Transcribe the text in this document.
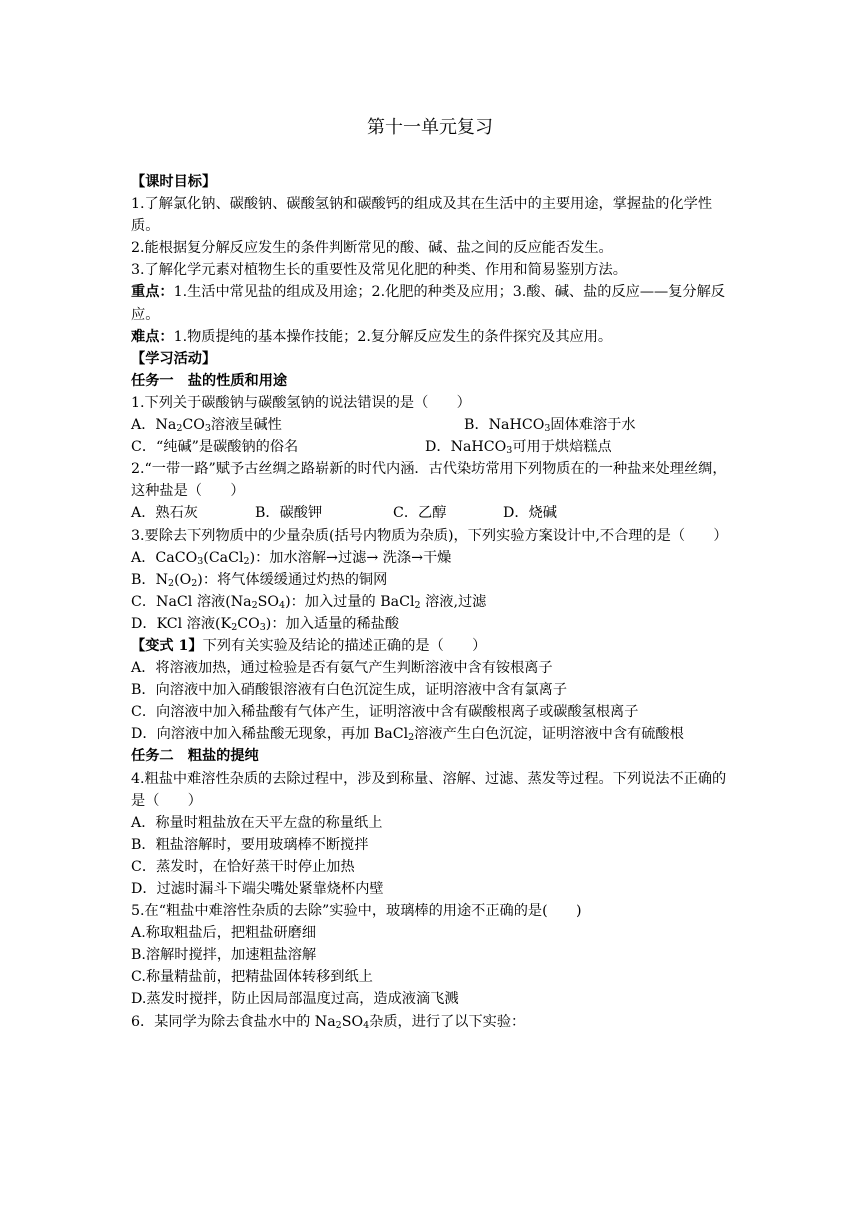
第十一单元复习
【课时目标】
1.了解氯化钠、碳酸钠、碳酸氢钠和碳酸钙的组成及其在生活中的主要用途，掌握盐的化学性质。
2.能根据复分解反应发生的条件判断常见的酸、碱、盐之间的反应能否发生。
3.了解化学元素对植物生长的重要性及常见化肥的种类、作用和简易鉴别方法。
重点：1.生活中常见盐的组成及用途；2.化肥的种类及应用；3.酸、碱、盐的反应——复分解反应。
难点：1.物质提纯的基本操作技能；2.复分解反应发生的条件探究及其应用。
【学习活动】
任务一　盐的性质和用途
1.下列关于碳酸钠与碳酸氢钠的说法错误的是（　　）
A．$Na_2CO_3$溶液呈碱性	B．NaHCO$_3$固体难溶于水
C．“纯碱”是碳酸钠的俗名	D．NaHCO$_3$可用于烘焙糕点
2.“一带一路”赋予古丝绸之路崭新的时代内涵．古代染坊常用下列物质在的一种盐来处理丝绸，这种盐是（　　）
A．熟石灰	B．碳酸钾	C．乙醇	D．烧碱
3.要除去下列物质中的少量杂质(括号内物质为杂质)，下列实验方案设计中,不合理的是（　　）
A．CaCO$_3$(CaCl$_2$)：加水溶解→过滤→ 洗涤→干燥
B．$N_2(O_2)$：将气体缓缓通过灼热的铜网
C．NaCl 溶液$(Na_2SO_4)$：加入过量的 BaCl$_2$ 溶液,过滤
D．KCl 溶液$(K_2CO_3)$：加入适量的稀盐酸
【变式 1】下列有关实验及结论的描述正确的是（　　）
A．将溶液加热，通过检验是否有氨气产生判断溶液中含有铵根离子
B．向溶液中加入硝酸银溶液有白色沉淀生成，证明溶液中含有氯离子
C．向溶液中加入稀盐酸有气体产生，证明溶液中含有碳酸根离子或碳酸氢根离子
D．向溶液中加入稀盐酸无现象，再加 BaCl$_2$溶液产生白色沉淀，证明溶液中含有硫酸根
任务二　粗盐的提纯
4.粗盐中难溶性杂质的去除过程中，涉及到称量、溶解、过滤、蒸发等过程。下列说法不正确的是（　　）
A．称量时粗盐放在天平左盘的称量纸上
B．粗盐溶解时，要用玻璃棒不断搅拌
C．蒸发时，在恰好蒸干时停止加热
D．过滤时漏斗下端尖嘴处紧靠烧杯内壁
5.在“粗盐中难溶性杂质的去除”实验中，玻璃棒的用途不正确的是(　　)
A.称取粗盐后，把粗盐研磨细
B.溶解时搅拌，加速粗盐溶解
C.称量精盐前，把精盐固体转移到纸上
D.蒸发时搅拌，防止因局部温度过高，造成液滴飞溅
6．某同学为除去食盐水中的 $Na_2SO_4$杂质，进行了以下实验：
